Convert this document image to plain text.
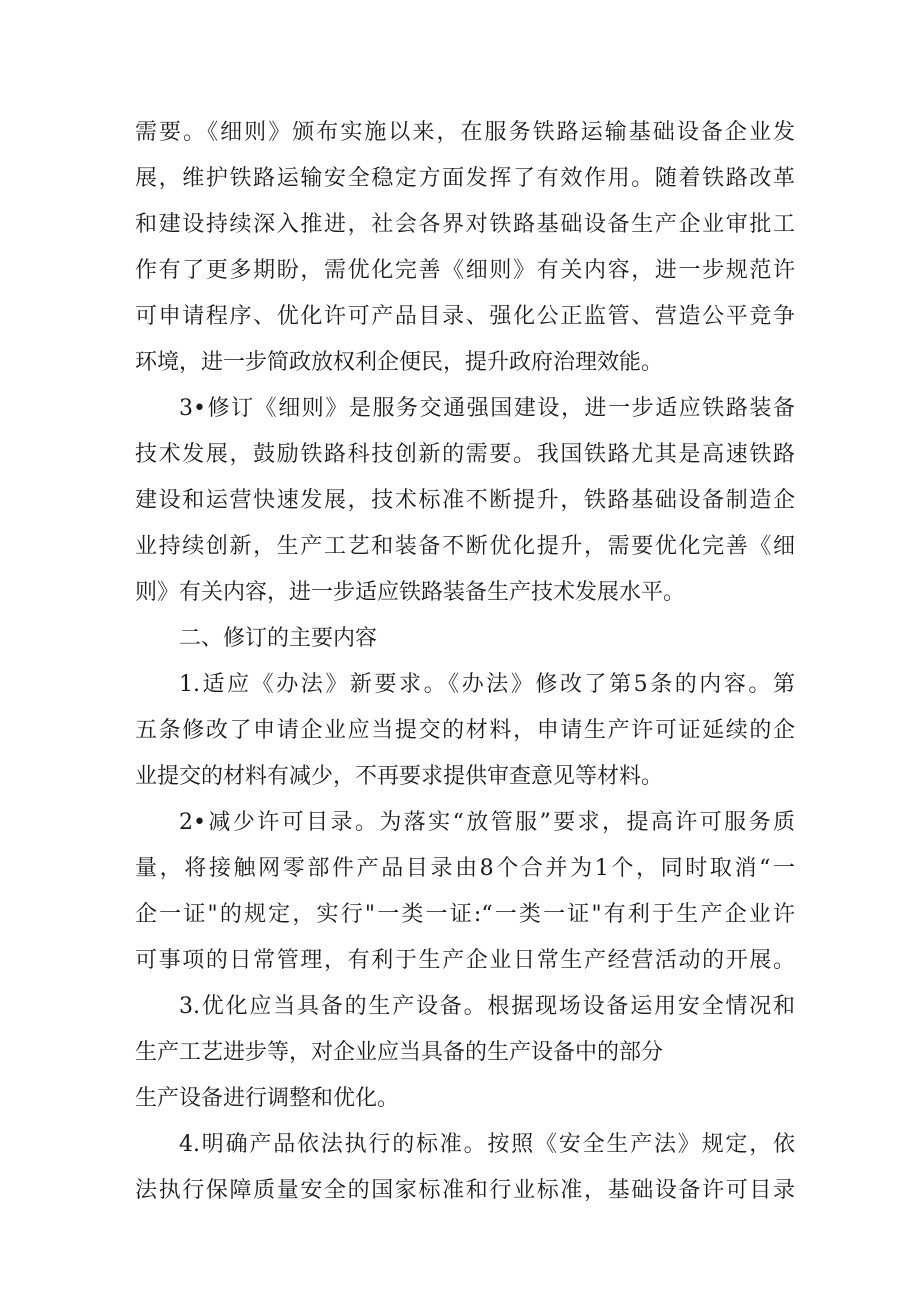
需要。《细则》颁布实施以来，在服务铁路运输基础设备企业发
展，维护铁路运输安全稳定方面发挥了有效作用。随着铁路改革
和建设持续深入推进，社会各界对铁路基础设备生产企业审批工
作有了更多期盼，需优化完善《细则》有关内容，进一步规范许
可申请程序、优化许可产品目录、强化公正监管、营造公平竞争
环境，进一步简政放权利企便民，提升政府治理效能。
3•修订《细则》是服务交通强国建设，进一步适应铁路装备
技术发展，鼓励铁路科技创新的需要。我国铁路尤其是高速铁路
建设和运营快速发展，技术标准不断提升，铁路基础设备制造企
业持续创新，生产工艺和装备不断优化提升，需要优化完善《细
则》有关内容，进一步适应铁路装备生产技术发展水平。
二、修订的主要内容
1.适应《办法》新要求。《办法》修改了第5条的内容。第
五条修改了申请企业应当提交的材料，申请生产许可证延续的企
业提交的材料有减少，不再要求提供审查意见等材料。
2•减少许可目录。为落实“放管服”要求，提高许可服务质
量，将接触网零部件产品目录由8个合并为1个，同时取消“一
企一证"的规定，实行"一类一证:“一类一证"有利于生产企业许
可事项的日常管理，有利于生产企业日常生产经营活动的开展。
3.优化应当具备的生产设备。根据现场设备运用安全情况和
生产工艺进步等，对企业应当具备的生产设备中的部分
生产设备进行调整和优化。
4.明确产品依法执行的标准。按照《安全生产法》规定，依
法执行保障质量安全的国家标准和行业标准，基础设备许可目录
